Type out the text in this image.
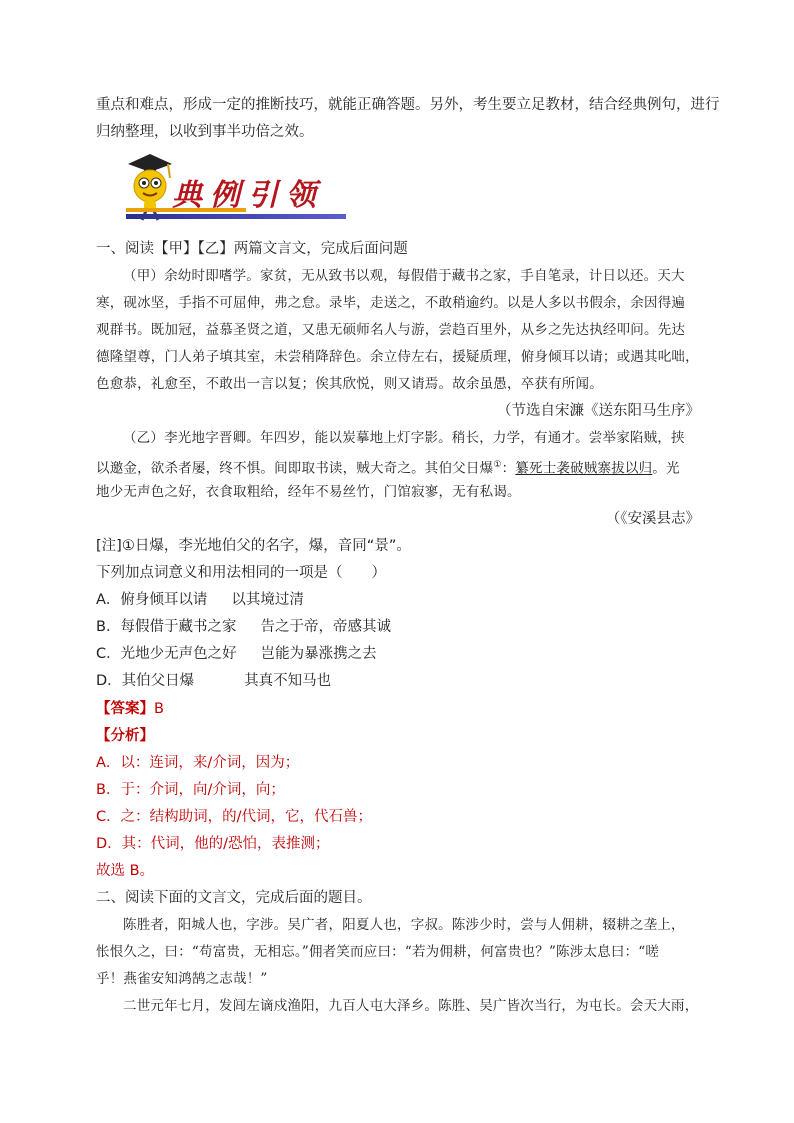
重点和难点，形成一定的推断技巧，就能正确答题。另外，考生要立足教材，结合经典例句，进行
归纳整理，以收到事半功倍之效。
典例引领
一、阅读【甲】【乙】两篇文言文，完成后面问题
（甲）余幼时即嗜学。家贫，无从致书以观，每假借于藏书之家，手自笔录，计日以还。天大
寒，砚冰坚，手指不可屈伸，弗之怠。录毕，走送之，不敢稍逾约。以是人多以书假余，余因得遍
观群书。既加冠，益慕圣贤之道，又患无硕师名人与游，尝趋百里外，从乡之先达执经叩问。先达
德隆望尊，门人弟子填其室，未尝稍降辞色。余立侍左右，援疑质理，俯身倾耳以请；或遇其叱咄，
色愈恭，礼愈至，不敢出一言以复；俟其欣悦，则又请焉。故余虽愚，卒获有所闻。
（节选自宋濂《送东阳马生序》
（乙）李光地字晋卿。年四岁，能以炭摹地上灯字影。稍长，力学，有通才。尝举家陷贼，挟
以邀金，欲杀者屡，终不惧。间即取书读，贼大奇之。其伯父日爆①：纂死士袭破贼寨拔以归。光
地少无声色之好，衣食取粗给，经年不易丝竹，门馆寂寥，无有私谒。
（《安溪县志》
[注]①日爆，李光地伯父的名字，爆，音同“景”。
下列加点词意义和用法相同的一项是（　　）
A．俯身倾耳以请 以其境过清
B．每假借于藏书之家 告之于帝，帝感其诚
C．光地少无声色之好 岂能为暴涨携之去
D．其伯父日爆	其真不知马也
【答案】B
【分析】
A．以：连词，来/介词，因为；
B．于：介词，向/介词，向；
C．之：结构助词，的/代词，它，代石兽；
D．其：代词，他的/恐怕，表推测；
故选 B。
二、阅读下面的文言文，完成后面的题目。
陈胜者，阳城人也，字涉。吴广者，阳夏人也，字叔。陈涉少时，尝与人佣耕，辍耕之垄上，
怅恨久之，曰：“苟富贵，无相忘。”佣者笑而应曰：“若为佣耕，何富贵也？”陈涉太息曰：“嗟
乎！燕雀安知鸿鹄之志哉！”
二世元年七月，发闾左谪戍渔阳，九百人屯大泽乡。陈胜、吴广皆次当行，为屯长。会天大雨，
